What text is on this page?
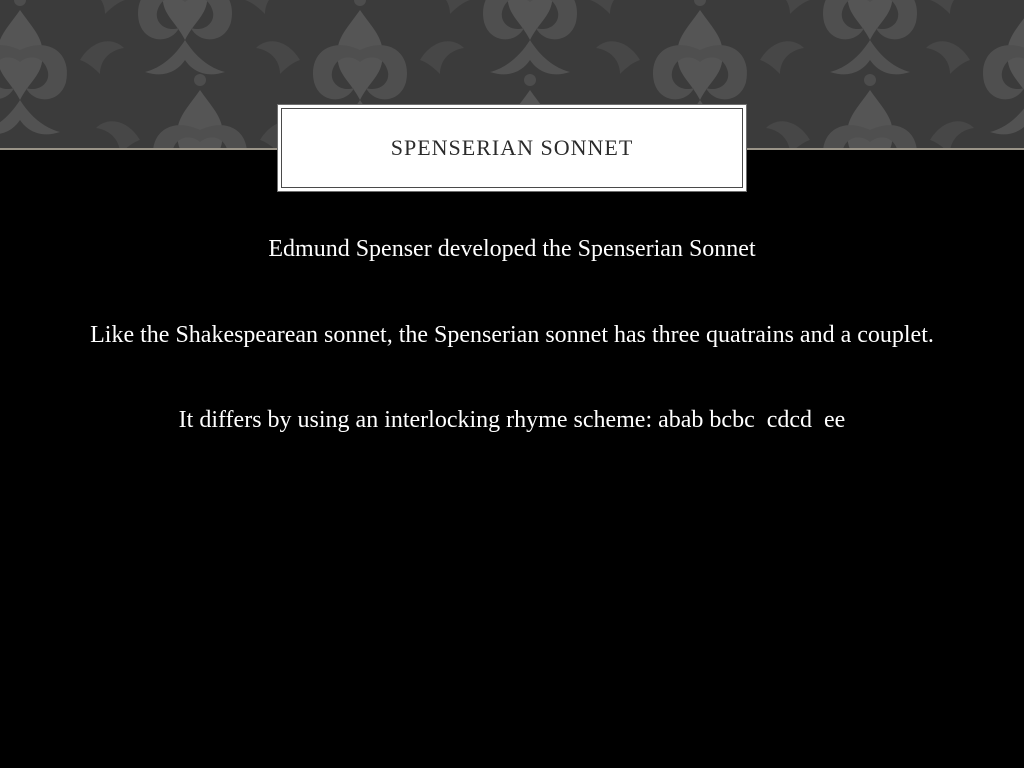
SPENSERIAN SONNET

Edmund Spenser developed the Spenserian Sonnet

Like the Shakespearean sonnet, the Spenserian sonnet has three quatrains and a couplet.

It differs by using an interlocking rhyme scheme: abab bcbc  cdcd  ee
